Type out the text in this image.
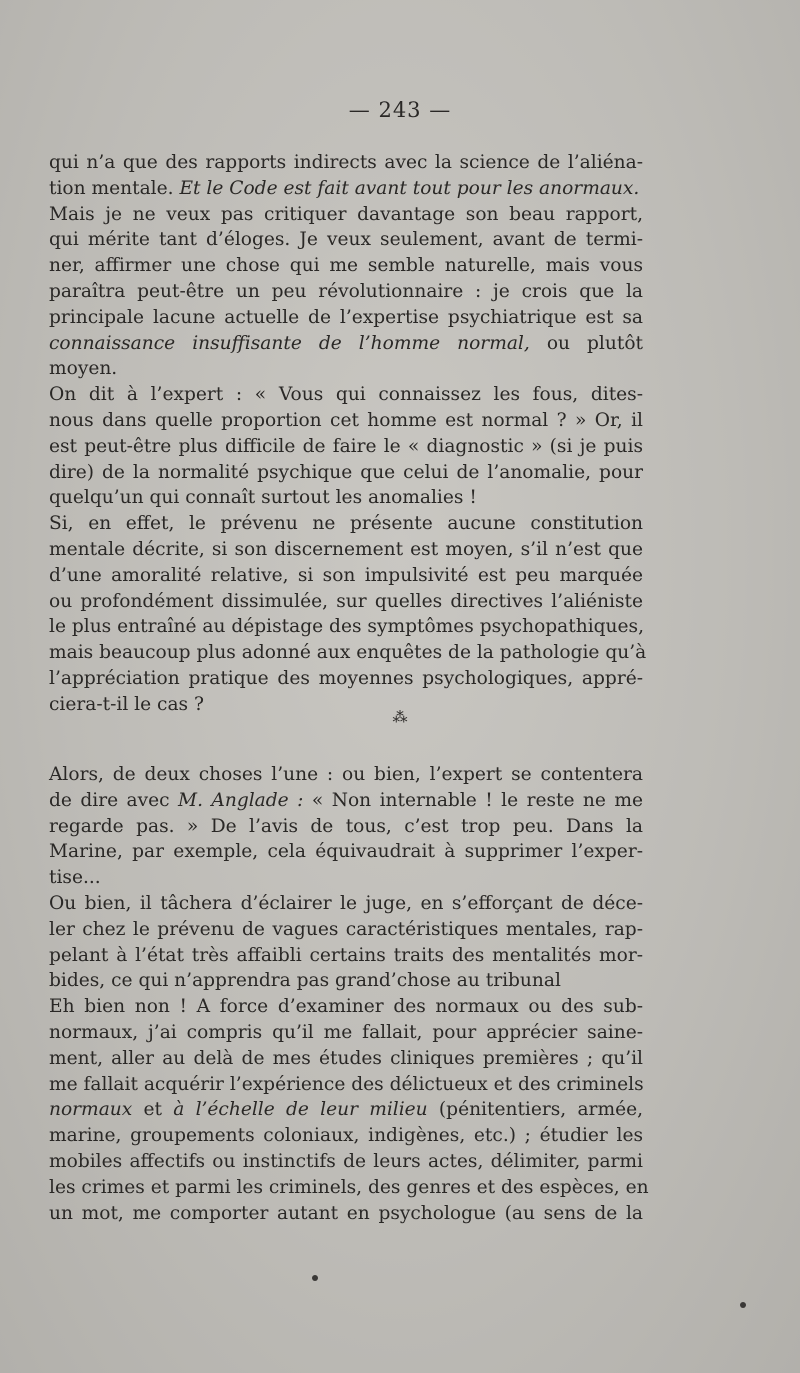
— 243 —
qui n’a que des rapports indirects avec la science de l’aliéna-
tion mentale. Et le Code est fait avant tout pour les anormaux.
Mais je ne veux pas critiquer davantage son beau rapport,
qui mérite tant d’éloges. Je veux seulement, avant de termi-
ner, affirmer une chose qui me semble naturelle, mais vous
paraîtra peut-être un peu révolutionnaire : je crois que la
principale lacune actuelle de l’expertise psychiatrique est sa
connaissance insuffisante de l’homme normal, ou plutôt
moyen.
On dit à l’expert : « Vous qui connaissez les fous, dites-
nous dans quelle proportion cet homme est normal ? » Or, il
est peut-être plus difficile de faire le « diagnostic » (si je puis
dire) de la normalité psychique que celui de l’anomalie, pour
quelqu’un qui connaît surtout les anomalies !
Si, en effet, le prévenu ne présente aucune constitution
mentale décrite, si son discernement est moyen, s’il n’est que
d’une amoralité relative, si son impulsivité est peu marquée
ou profondément dissimulée, sur quelles directives l’aliéniste
le plus entraîné au dépistage des symptômes psychopathiques,
mais beaucoup plus adonné aux enquêtes de la pathologie qu’à
l’appréciation pratique des moyennes psychologiques, appré-
ciera-t-il le cas ?
⁂
Alors, de deux choses l’une : ou bien, l’expert se contentera
de dire avec M. Anglade : « Non internable ! le reste ne me
regarde pas. » De l’avis de tous, c’est trop peu. Dans la
Marine, par exemple, cela équivaudrait à supprimer l’exper-
tise...
Ou bien, il tâchera d’éclairer le juge, en s’efforçant de déce-
ler chez le prévenu de vagues caractéristiques mentales, rap-
pelant à l’état très affaibli certains traits des mentalités mor-
bides, ce qui n’apprendra pas grand’chose au tribunal
Eh bien non ! A force d’examiner des normaux ou des sub-
normaux, j’ai compris qu’il me fallait, pour apprécier saine-
ment, aller au delà de mes études cliniques premières ; qu’il
me fallait acquérir l’expérience des délictueux et des criminels
normaux et à l’échelle de leur milieu (pénitentiers, armée,
marine, groupements coloniaux, indigènes, etc.) ; étudier les
mobiles affectifs ou instinctifs de leurs actes, délimiter, parmi
les crimes et parmi les criminels, des genres et des espèces, en
un mot, me comporter autant en psychologue (au sens de la
